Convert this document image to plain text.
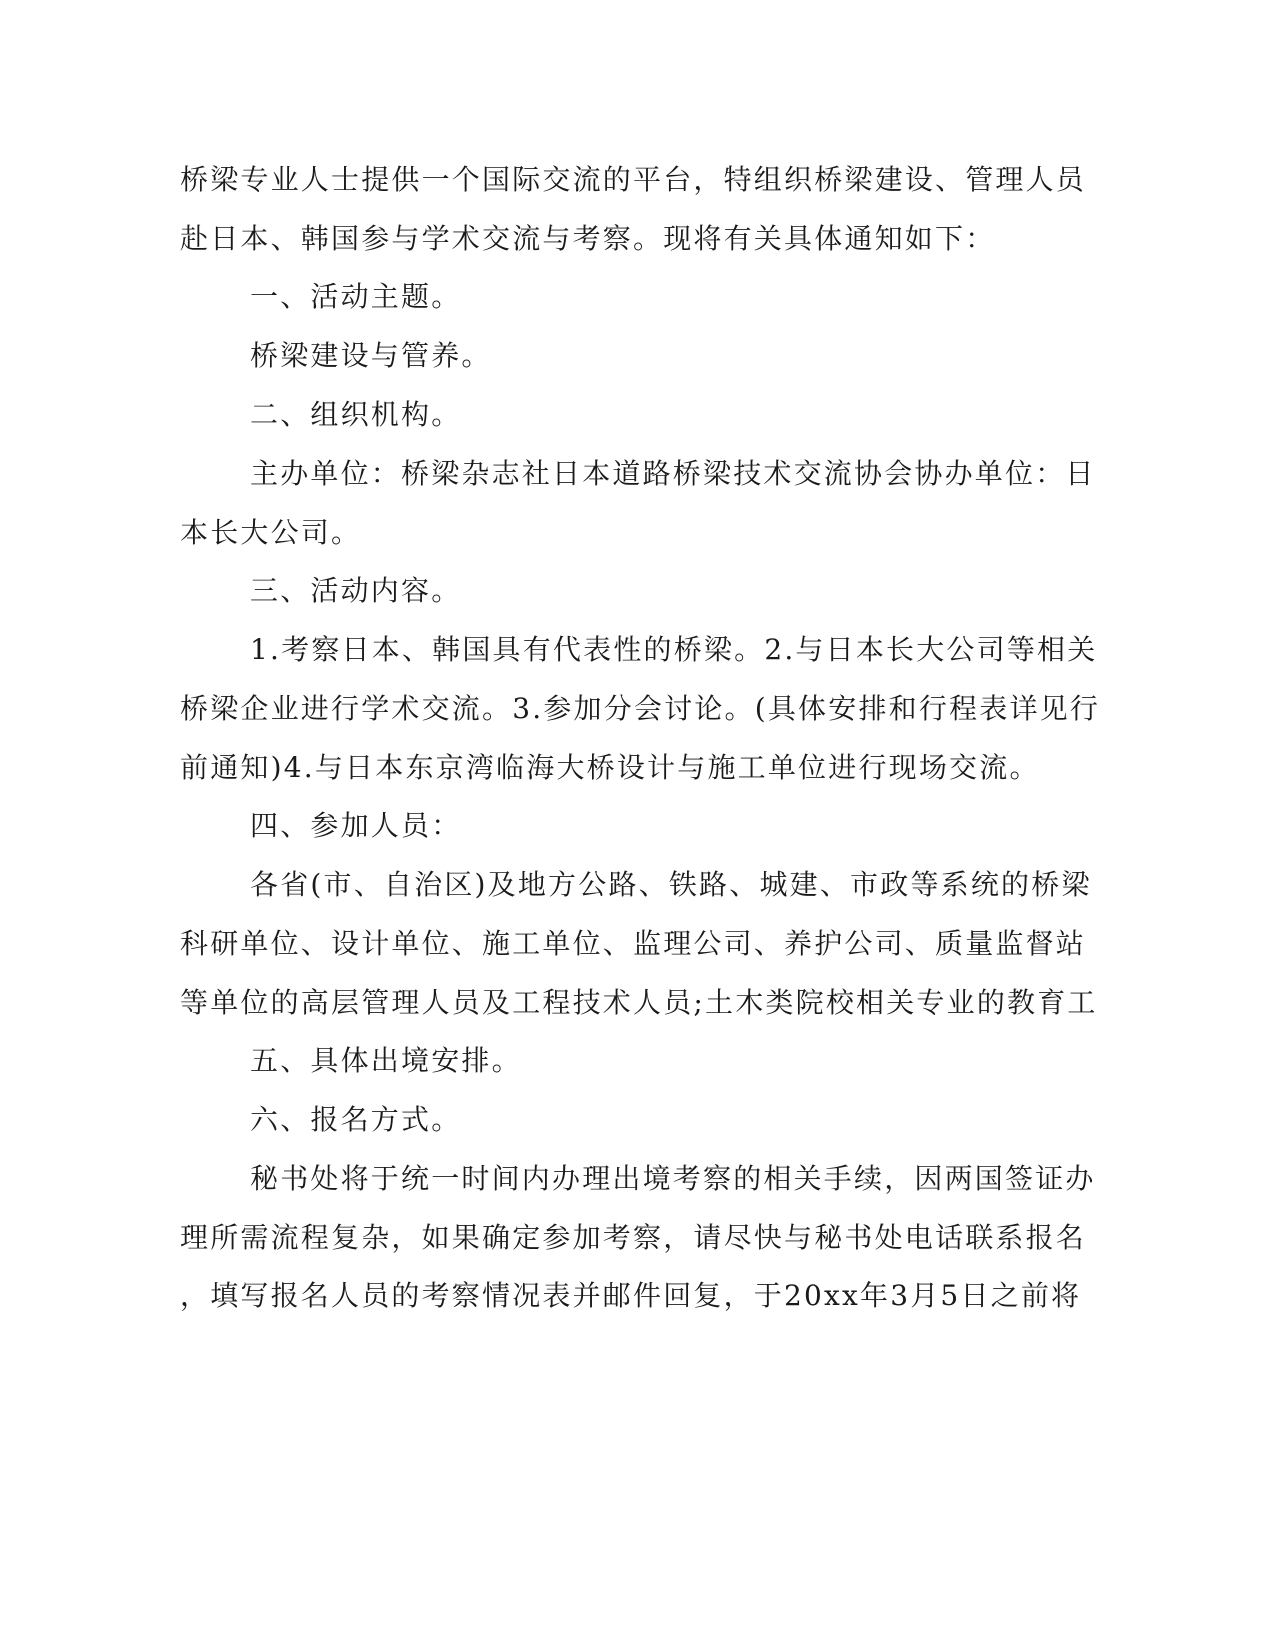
桥梁专业人士提供一个国际交流的平台，特组织桥梁建设、管理人员
赴日本、韩国参与学术交流与考察。现将有关具体通知如下：
一、活动主题。
桥梁建设与管养。
二、组织机构。
主办单位：桥梁杂志社日本道路桥梁技术交流协会协办单位：日
本长大公司。
三、活动内容。
1.考察日本、韩国具有代表性的桥梁。2.与日本长大公司等相关
桥梁企业进行学术交流。3.参加分会讨论。(具体安排和行程表详见行
前通知)4.与日本东京湾临海大桥设计与施工单位进行现场交流。
四、参加人员：
各省(市、自治区)及地方公路、铁路、城建、市政等系统的桥梁
科研单位、设计单位、施工单位、监理公司、养护公司、质量监督站
等单位的高层管理人员及工程技术人员;土木类院校相关专业的教育工
五、具体出境安排。
六、报名方式。
秘书处将于统一时间内办理出境考察的相关手续，因两国签证办
理所需流程复杂，如果确定参加考察，请尽快与秘书处电话联系报名
，填写报名人员的考察情况表并邮件回复，于20xx年3月5日之前将
